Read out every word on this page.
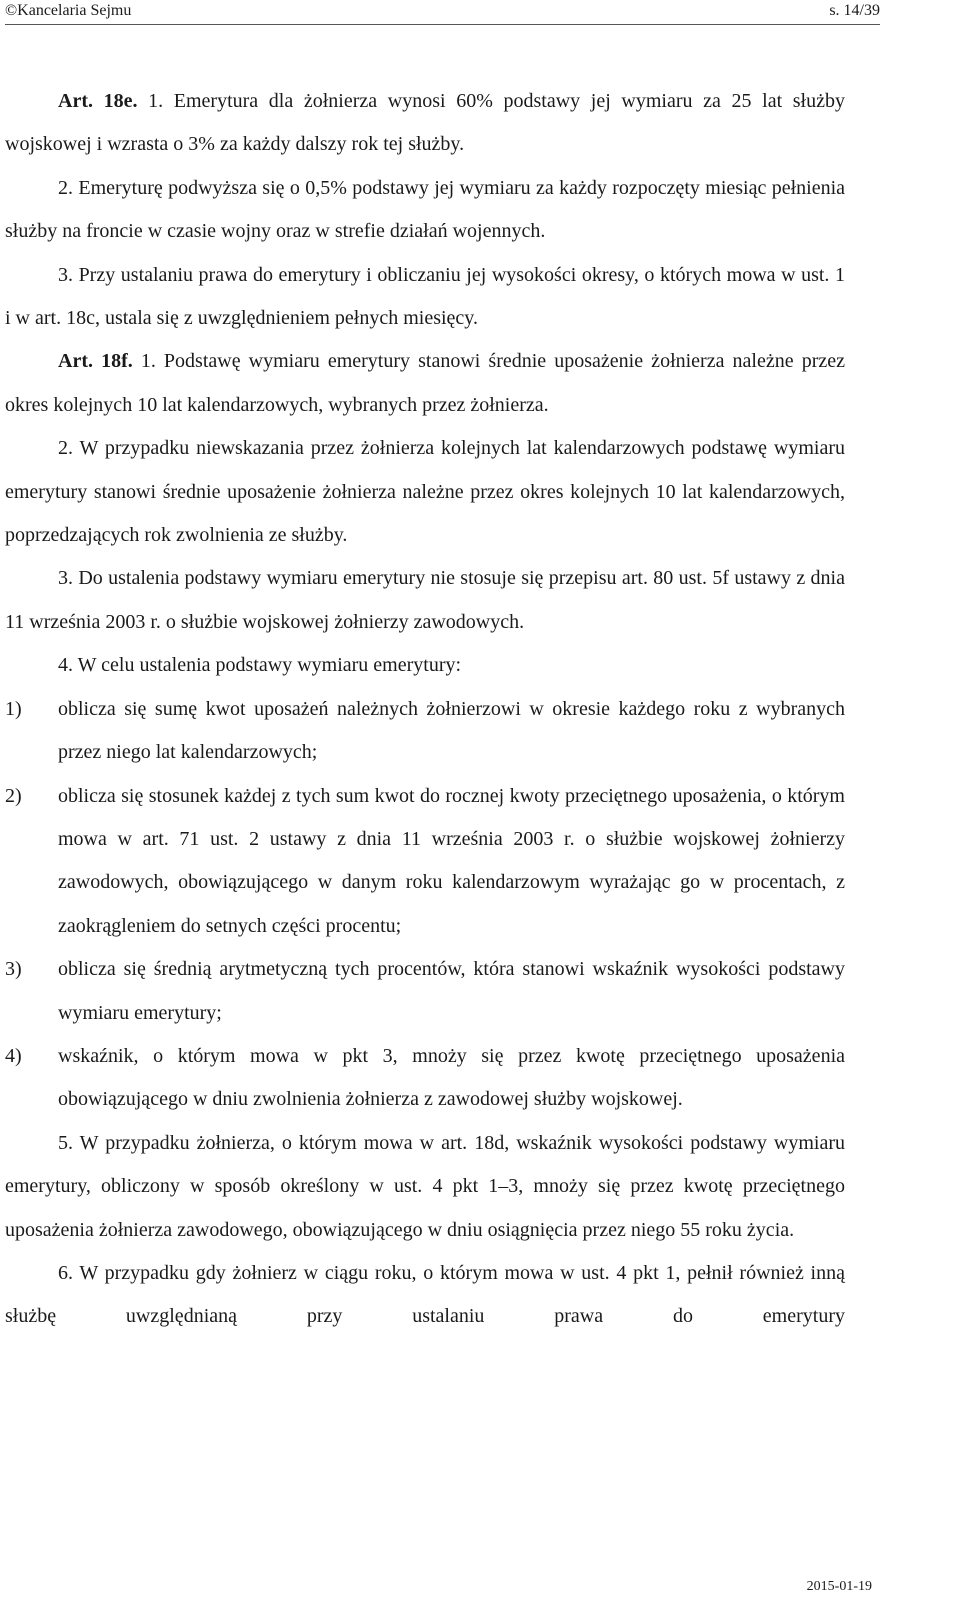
©Kancelaria Sejmu	s. 14/39

Art. 18e. 1. Emerytura dla żołnierza wynosi 60% podstawy jej wymiaru za 25 lat służby wojskowej i wzrasta o 3% za każdy dalszy rok tej służby.

2. Emeryturę podwyższa się o 0,5% podstawy jej wymiaru za każdy rozpoczęty miesiąc pełnienia służby na froncie w czasie wojny oraz w strefie działań wojennych.

3. Przy ustalaniu prawa do emerytury i obliczaniu jej wysokości okresy, o których mowa w ust. 1 i w art. 18c, ustala się z uwzględnieniem pełnych miesięcy.

Art. 18f. 1. Podstawę wymiaru emerytury stanowi średnie uposażenie żołnierza należne przez okres kolejnych 10 lat kalendarzowych, wybranych przez żołnierza.

2. W przypadku niewskazania przez żołnierza kolejnych lat kalendarzowych podstawę wymiaru emerytury stanowi średnie uposażenie żołnierza należne przez okres kolejnych 10 lat kalendarzowych, poprzedzających rok zwolnienia ze służby.

3. Do ustalenia podstawy wymiaru emerytury nie stosuje się przepisu art. 80 ust. 5f ustawy z dnia 11 września 2003 r. o służbie wojskowej żołnierzy zawodowych.

4. W celu ustalenia podstawy wymiaru emerytury:

1)	oblicza się sumę kwot uposażeń należnych żołnierzowi w okresie każdego roku z wybranych przez niego lat kalendarzowych;
2)	oblicza się stosunek każdej z tych sum kwot do rocznej kwoty przeciętnego uposażenia, o którym mowa w art. 71 ust. 2 ustawy z dnia 11 września 2003 r. o służbie wojskowej żołnierzy zawodowych, obowiązującego w danym roku kalendarzowym wyrażając go w procentach, z zaokrągleniem do setnych części procentu;
3)	oblicza się średnią arytmetyczną tych procentów, która stanowi wskaźnik wysokości podstawy wymiaru emerytury;
4)	wskaźnik, o którym mowa w pkt 3, mnoży się przez kwotę przeciętnego uposażenia obowiązującego w dniu zwolnienia żołnierza z zawodowej służby wojskowej.

5. W przypadku żołnierza, o którym mowa w art. 18d, wskaźnik wysokości podstawy wymiaru emerytury, obliczony w sposób określony w ust. 4 pkt 1–3, mnoży się przez kwotę przeciętnego uposażenia żołnierza zawodowego, obowiązującego w dniu osiągnięcia przez niego 55 roku życia.

6. W przypadku gdy żołnierz w ciągu roku, o którym mowa w ust. 4 pkt 1, pełnił również inną służbę uwzględnianą przy ustalaniu prawa do emerytury

2015-01-19
